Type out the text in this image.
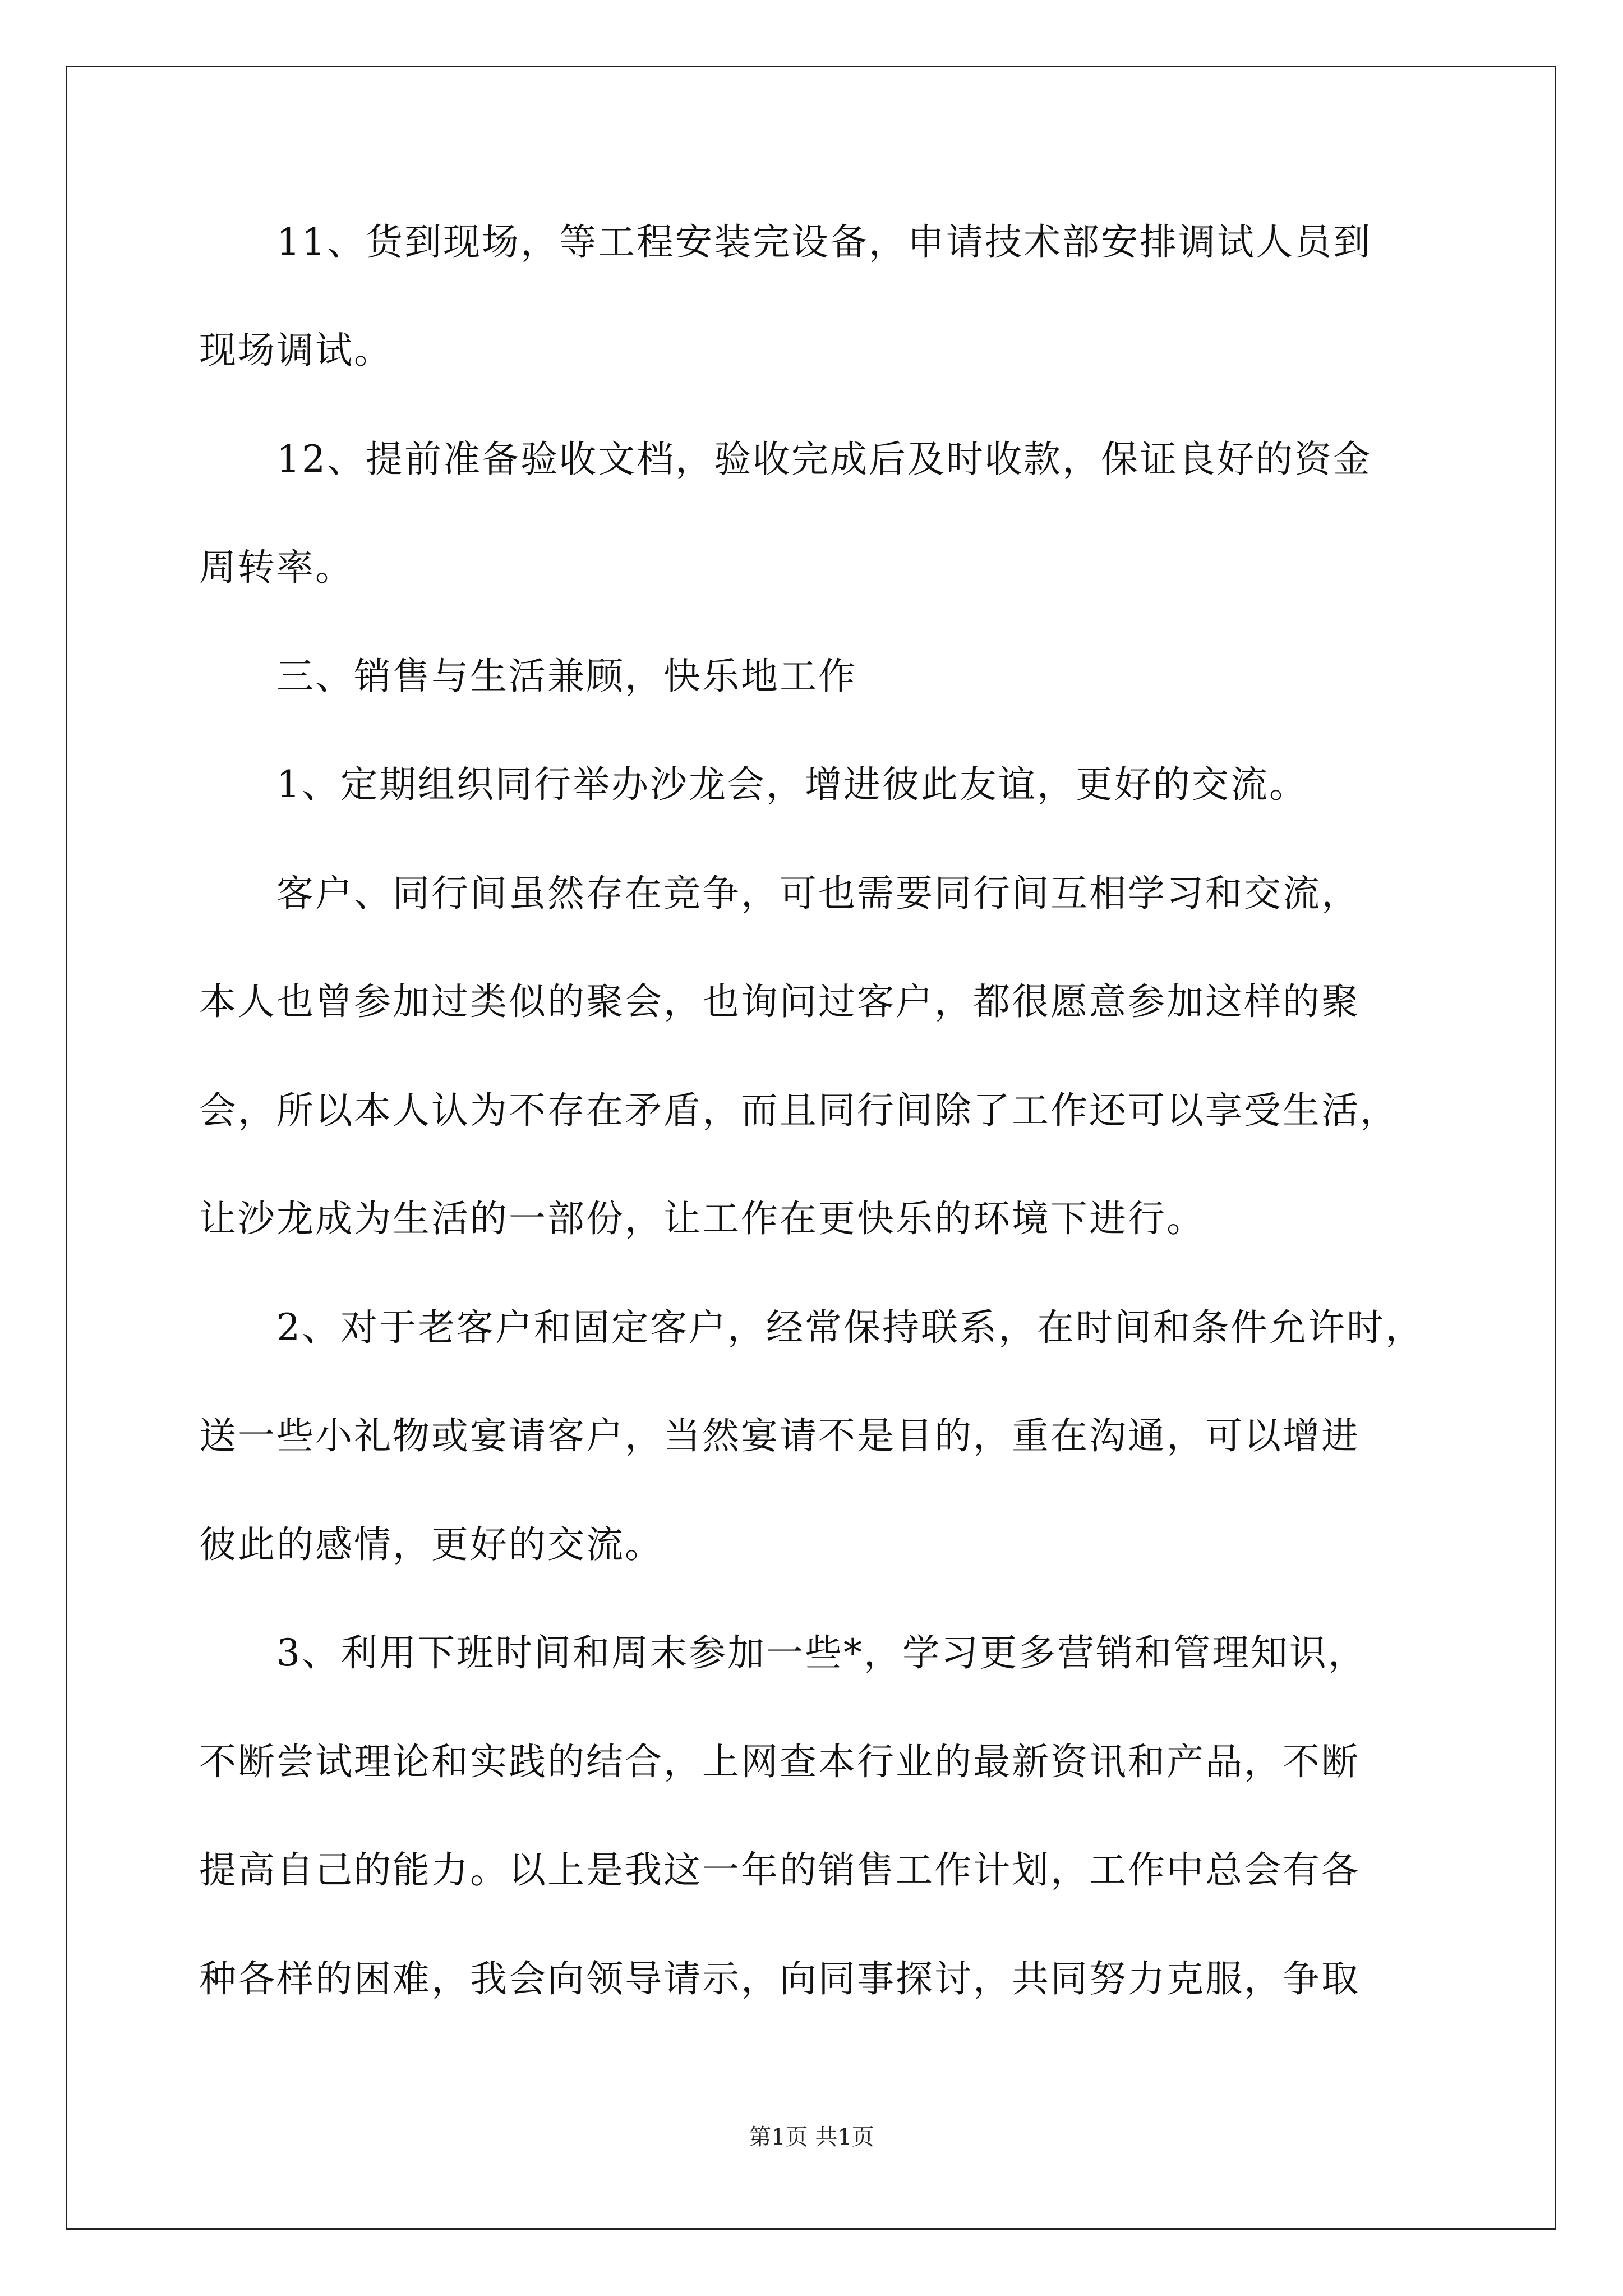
11、货到现场，等工程安装完设备，申请技术部安排调试人员到
现场调试。
12、提前准备验收文档，验收完成后及时收款，保证良好的资金
周转率。
三、销售与生活兼顾，快乐地工作
1、定期组织同行举办沙龙会，增进彼此友谊，更好的交流。
客户、同行间虽然存在竞争，可也需要同行间互相学习和交流，
本人也曾参加过类似的聚会，也询问过客户，都很愿意参加这样的聚
会，所以本人认为不存在矛盾，而且同行间除了工作还可以享受生活，
让沙龙成为生活的一部份，让工作在更快乐的环境下进行。
2、对于老客户和固定客户，经常保持联系，在时间和条件允许时，
送一些小礼物或宴请客户，当然宴请不是目的，重在沟通，可以增进
彼此的感情，更好的交流。
3、利用下班时间和周末参加一些*，学习更多营销和管理知识，
不断尝试理论和实践的结合，上网查本行业的最新资讯和产品，不断
提高自己的能力。以上是我这一年的销售工作计划，工作中总会有各
种各样的困难，我会向领导请示，向同事探讨，共同努力克服，争取
第1页 共1页
